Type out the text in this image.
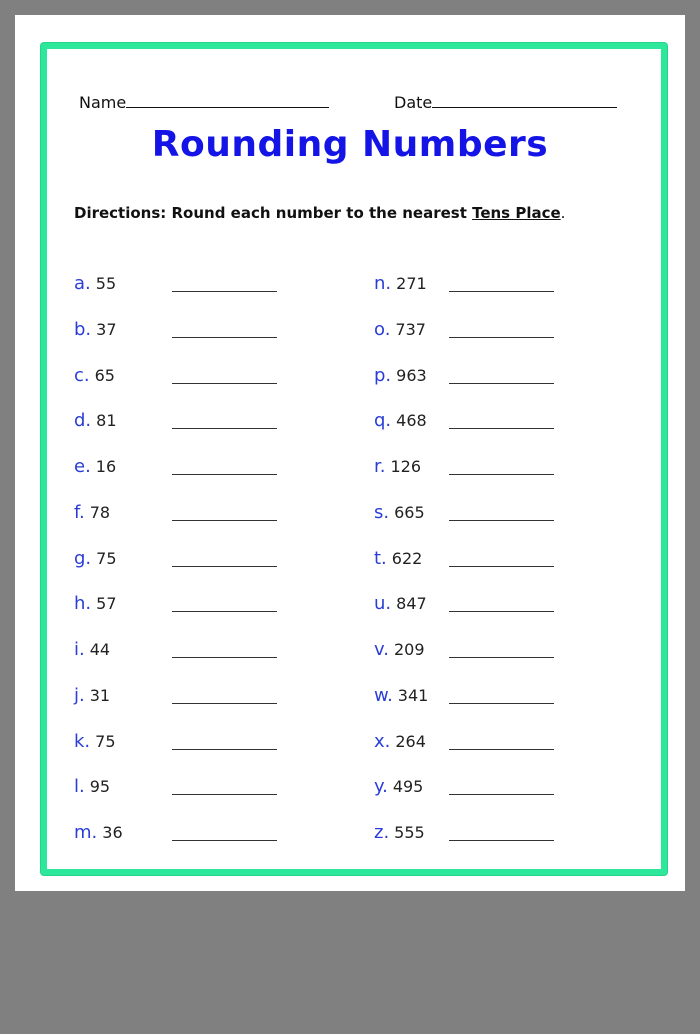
Name	Date
Rounding Numbers
Directions: Round each number to the nearest Tens Place.
a. 55
b. 37
c. 65
d. 81
e. 16
f. 78
g. 75
h. 57
i. 44
j. 31
k. 75
l. 95
m. 36
n. 271
o. 737
p. 963
q. 468
r. 126
s. 665
t. 622
u. 847
v. 209
w. 341
x. 264
y. 495
z. 555
